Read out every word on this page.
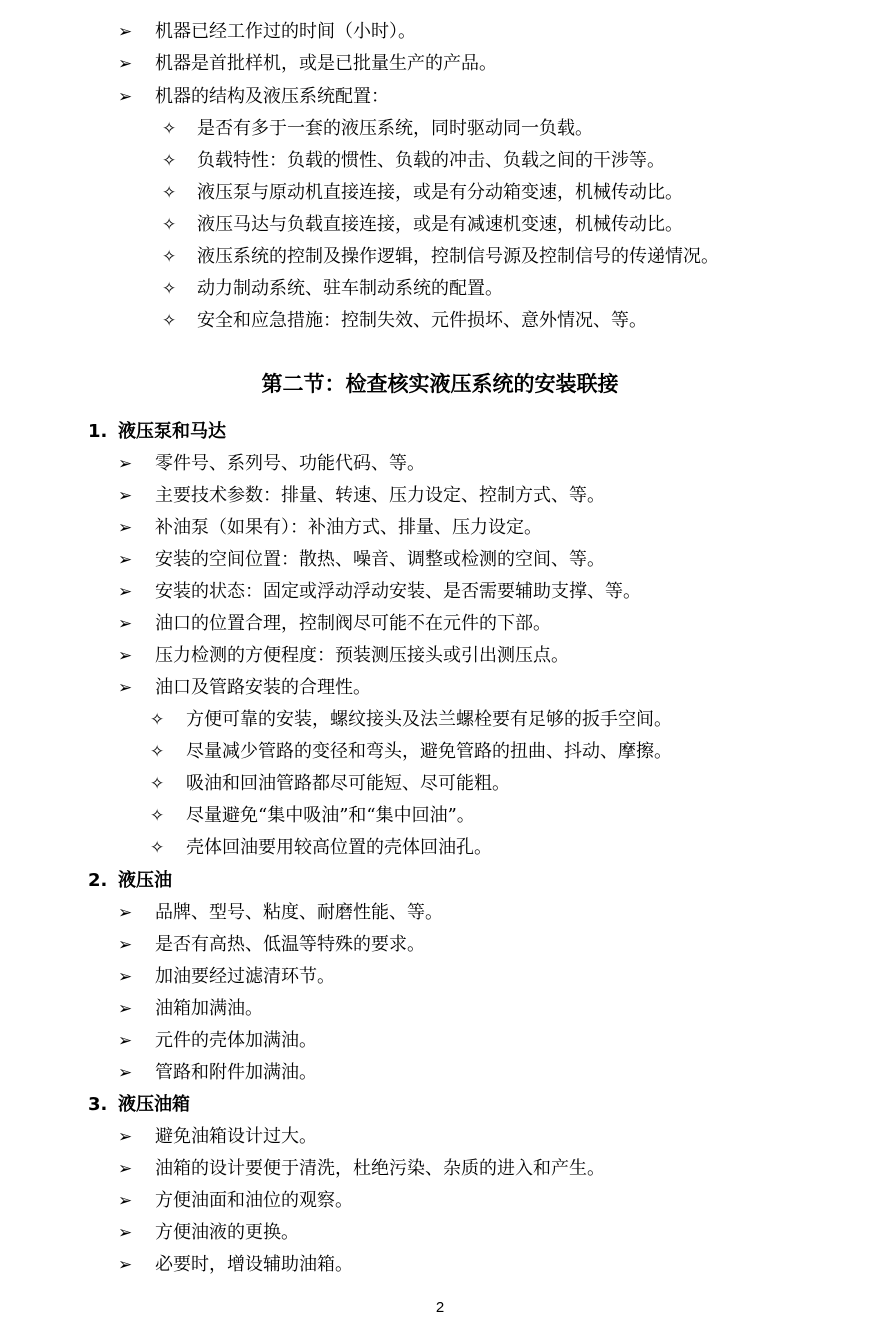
➢ 机器已经工作过的时间（小时）。
➢ 机器是首批样机，或是已批量生产的产品。
➢ 机器的结构及液压系统配置：
✧ 是否有多于一套的液压系统，同时驱动同一负载。
✧ 负载特性：负载的惯性、负载的冲击、负载之间的干涉等。
✧ 液压泵与原动机直接连接，或是有分动箱变速，机械传动比。
✧ 液压马达与负载直接连接，或是有减速机变速，机械传动比。
✧ 液压系统的控制及操作逻辑，控制信号源及控制信号的传递情况。
✧ 动力制动系统、驻车制动系统的配置。
✧ 安全和应急措施：控制失效、元件损坏、意外情况、等。
第二节：检查核实液压系统的安装联接
1. 液压泵和马达
➢ 零件号、系列号、功能代码、等。
➢ 主要技术参数：排量、转速、压力设定、控制方式、等。
➢ 补油泵（如果有）：补油方式、排量、压力设定。
➢ 安装的空间位置：散热、噪音、调整或检测的空间、等。
➢ 安装的状态：固定或浮动浮动安装、是否需要辅助支撑、等。
➢ 油口的位置合理，控制阀尽可能不在元件的下部。
➢ 压力检测的方便程度：预装测压接头或引出测压点。
➢ 油口及管路安装的合理性。
✧ 方便可靠的安装，螺纹接头及法兰螺栓要有足够的扳手空间。
✧ 尽量减少管路的变径和弯头，避免管路的扭曲、抖动、摩擦。
✧ 吸油和回油管路都尽可能短、尽可能粗。
✧ 尽量避免“集中吸油”和“集中回油”。
✧ 壳体回油要用较高位置的壳体回油孔。
2. 液压油
➢ 品牌、型号、粘度、耐磨性能、等。
➢ 是否有高热、低温等特殊的要求。
➢ 加油要经过滤清环节。
➢ 油箱加满油。
➢ 元件的壳体加满油。
➢ 管路和附件加满油。
3. 液压油箱
➢ 避免油箱设计过大。
➢ 油箱的设计要便于清洗，杜绝污染、杂质的进入和产生。
➢ 方便油面和油位的观察。
➢ 方便油液的更换。
➢ 必要时，增设辅助油箱。
2
